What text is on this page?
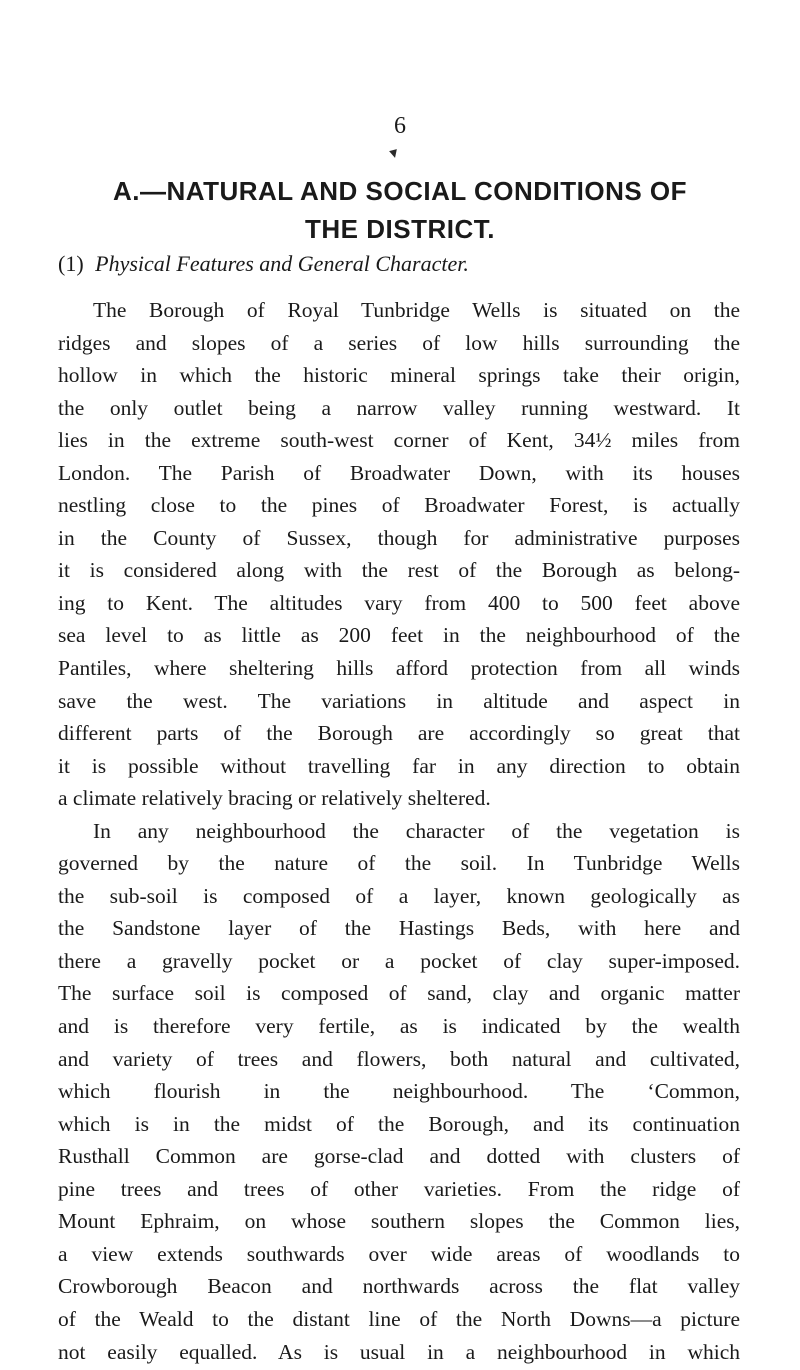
6
A.—NATURAL AND SOCIAL CONDITIONS OF
THE DISTRICT.
(1) Physical Features and General Character.
The Borough of Royal Tunbridge Wells is situated on the
ridges and slopes of a series of low hills surrounding the
hollow in which the historic mineral springs take their origin,
the only outlet being a narrow valley running westward. It
lies in the extreme south-west corner of Kent, 34½ miles from
London. The Parish of Broadwater Down, with its houses
nestling close to the pines of Broadwater Forest, is actually
in the County of Sussex, though for administrative purposes
it is considered along with the rest of the Borough as belong-
ing to Kent. The altitudes vary from 400 to 500 feet above
sea level to as little as 200 feet in the neighbourhood of the
Pantiles, where sheltering hills afford protection from all winds
save the west. The variations in altitude and aspect in
different parts of the Borough are accordingly so great that
it is possible without travelling far in any direction to obtain
a climate relatively bracing or relatively sheltered.
In any neighbourhood the character of the vegetation is
governed by the nature of the soil. In Tunbridge Wells
the sub-soil is composed of a layer, known geologically as
the Sandstone layer of the Hastings Beds, with here and
there a gravelly pocket or a pocket of clay super-imposed.
The surface soil is composed of sand, clay and organic matter
and is therefore very fertile, as is indicated by the wealth
and variety of trees and flowers, both natural and cultivated,
which flourish in the neighbourhood. The ‘Common,
which is in the midst of the Borough, and its continuation
Rusthall Common are gorse-clad and dotted with clusters of
pine trees and trees of other varieties. From the ridge of
Mount Ephraim, on whose southern slopes the Common lies,
a view extends southwards over wide areas of woodlands to
Crowborough Beacon and northwards across the flat valley
of the Weald to the distant line of the North Downs—a picture
not easily equalled. As is usual in a neighbourhood in which
